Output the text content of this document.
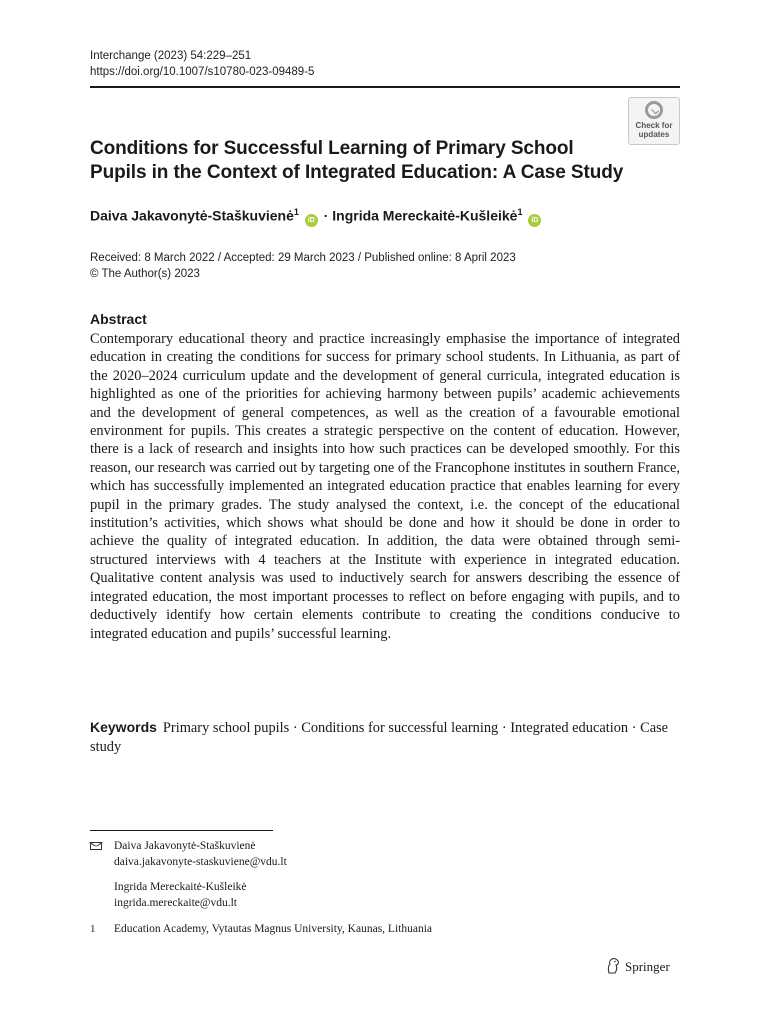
Interchange (2023) 54:229–251
https://doi.org/10.1007/s10780-023-09489-5
Check for
updates
Conditions for Successful Learning of Primary School Pupils in the Context of Integrated Education: A Case Study
Daiva Jakavonytė-Staškuvienė$^1$ iD · Ingrida Mereckaitė-Kušleikė$^1$ iD
Received: 8 March 2022 / Accepted: 29 March 2023 / Published online: 8 April 2023
© The Author(s) 2023
Abstract
Contemporary educational theory and practice increasingly emphasise the importance of integrated education in creating the conditions for success for primary school students. In Lithuania, as part of the 2020–2024 curriculum update and the development of general curricula, integrated education is highlighted as one of the priorities for achieving harmony between pupils’ academic achievements and the development of general competences, as well as the creation of a favourable emotional environment for pupils. This creates a strategic perspective on the content of education. However, there is a lack of research and insights into how such practices can be developed smoothly. For this reason, our research was carried out by targeting one of the Francophone institutes in southern France, which has successfully implemented an integrated education practice that enables learning for every pupil in the primary grades. The study analysed the context, i.e. the concept of the educational institution’s activities, which shows what should be done and how it should be done in order to achieve the quality of integrated education. In addition, the data were obtained through semi-structured interviews with 4 teachers at the Institute with experience in integrated education. Qualitative content analysis was used to inductively search for answers describing the essence of integrated education, the most important processes to reflect on before engaging with pupils, and to deductively identify how certain elements contribute to creating the conditions conducive to integrated education and pupils’ successful learning.
Keywords Primary school pupils · Conditions for successful learning · Integrated education · Case study
Daiva Jakavonytė-Staškuvienė
daiva.jakavonyte-staskuviene@vdu.lt
Ingrida Mereckaitė-Kušleikė
ingrida.mereckaite@vdu.lt
1 Education Academy, Vytautas Magnus University, Kaunas, Lithuania
Springer
